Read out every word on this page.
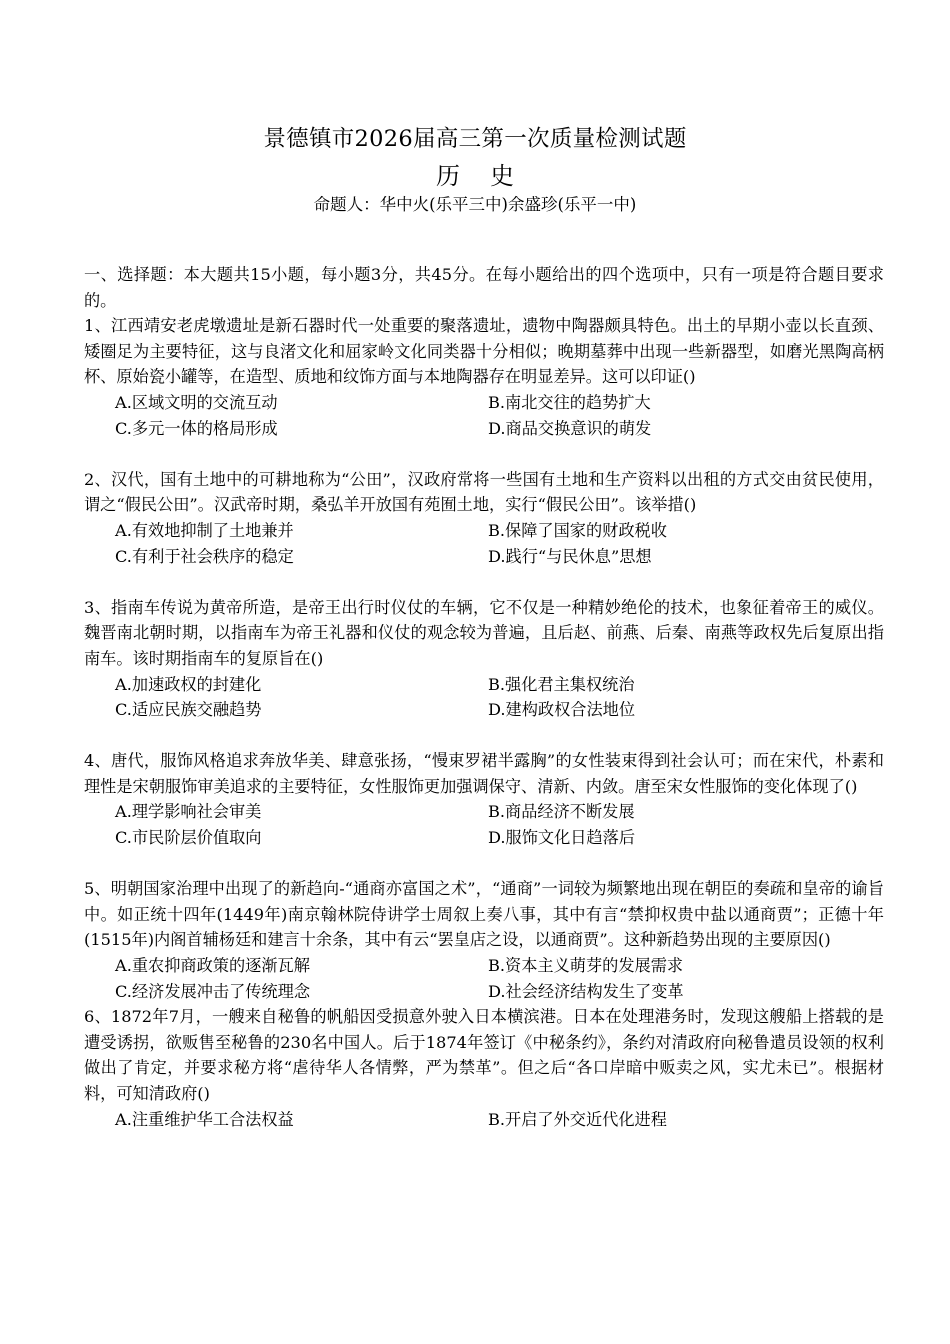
景德镇市2026届高三第一次质量检测试题
历史
命题人：华中火(乐平三中)余盛珍(乐平一中)

一、选择题：本大题共15小题，每小题3分，共45分。在每小题给出的四个选项中，只有一项是符合题目要求的。

1、江西靖安老虎墩遗址是新石器时代一处重要的聚落遗址，遗物中陶器颇具特色。出土的早期小壶以长直颈、矮圈足为主要特征，这与良渚文化和屈家岭文化同类器十分相似；晚期墓葬中出现一些新器型，如磨光黑陶高柄杯、原始瓷小罐等，在造型、质地和纹饰方面与本地陶器存在明显差异。这可以印证()

A.区域文明的交流互动	B.南北交往的趋势扩大
C.多元一体的格局形成	D.商品交换意识的萌发

2、汉代，国有土地中的可耕地称为“公田”，汉政府常将一些国有土地和生产资料以出租的方式交由贫民使用，谓之“假民公田”。汉武帝时期，桑弘羊开放国有苑囿土地，实行“假民公田”。该举措()

A.有效地抑制了土地兼并	B.保障了国家的财政税收
C.有利于社会秩序的稳定	D.践行“与民休息”思想

3、指南车传说为黄帝所造，是帝王出行时仪仗的车辆，它不仅是一种精妙绝伦的技术，也象征着帝王的威仪。魏晋南北朝时期，以指南车为帝王礼器和仪仗的观念较为普遍，且后赵、前燕、后秦、南燕等政权先后复原出指南车。该时期指南车的复原旨在()

A.加速政权的封建化	B.强化君主集权统治
C.适应民族交融趋势	D.建构政权合法地位

4、唐代，服饰风格追求奔放华美、肆意张扬，“慢束罗裙半露胸”的女性装束得到社会认可；而在宋代，朴素和理性是宋朝服饰审美追求的主要特征，女性服饰更加强调保守、清新、内敛。唐至宋女性服饰的变化体现了()

A.理学影响社会审美	B.商品经济不断发展
C.市民阶层价值取向	D.服饰文化日趋落后

5、明朝国家治理中出现了的新趋向-“通商亦富国之术”，“通商”一词较为频繁地出现在朝臣的奏疏和皇帝的谕旨中。如正统十四年(1449年)南京翰林院侍讲学士周叙上奏八事，其中有言“禁抑权贵中盐以通商贾”；正德十年(1515年)内阁首辅杨廷和建言十余条，其中有云“罢皇店之设，以通商贾”。这种新趋势出现的主要原因()

A.重农抑商政策的逐渐瓦解	B.资本主义萌芽的发展需求
C.经济发展冲击了传统理念	D.社会经济结构发生了变革

6、1872年7月，一艘来自秘鲁的帆船因受损意外驶入日本横滨港。日本在处理港务时，发现这艘船上搭载的是遭受诱拐，欲贩售至秘鲁的230名中国人。后于1874年签订《中秘条约》，条约对清政府向秘鲁遣员设领的权利做出了肯定，并要求秘方将“虐待华人各情弊，严为禁革”。但之后“各口岸暗中贩卖之风，实尤未已”。根据材料，可知清政府()

A.注重维护华工合法权益	B.开启了外交近代化进程
